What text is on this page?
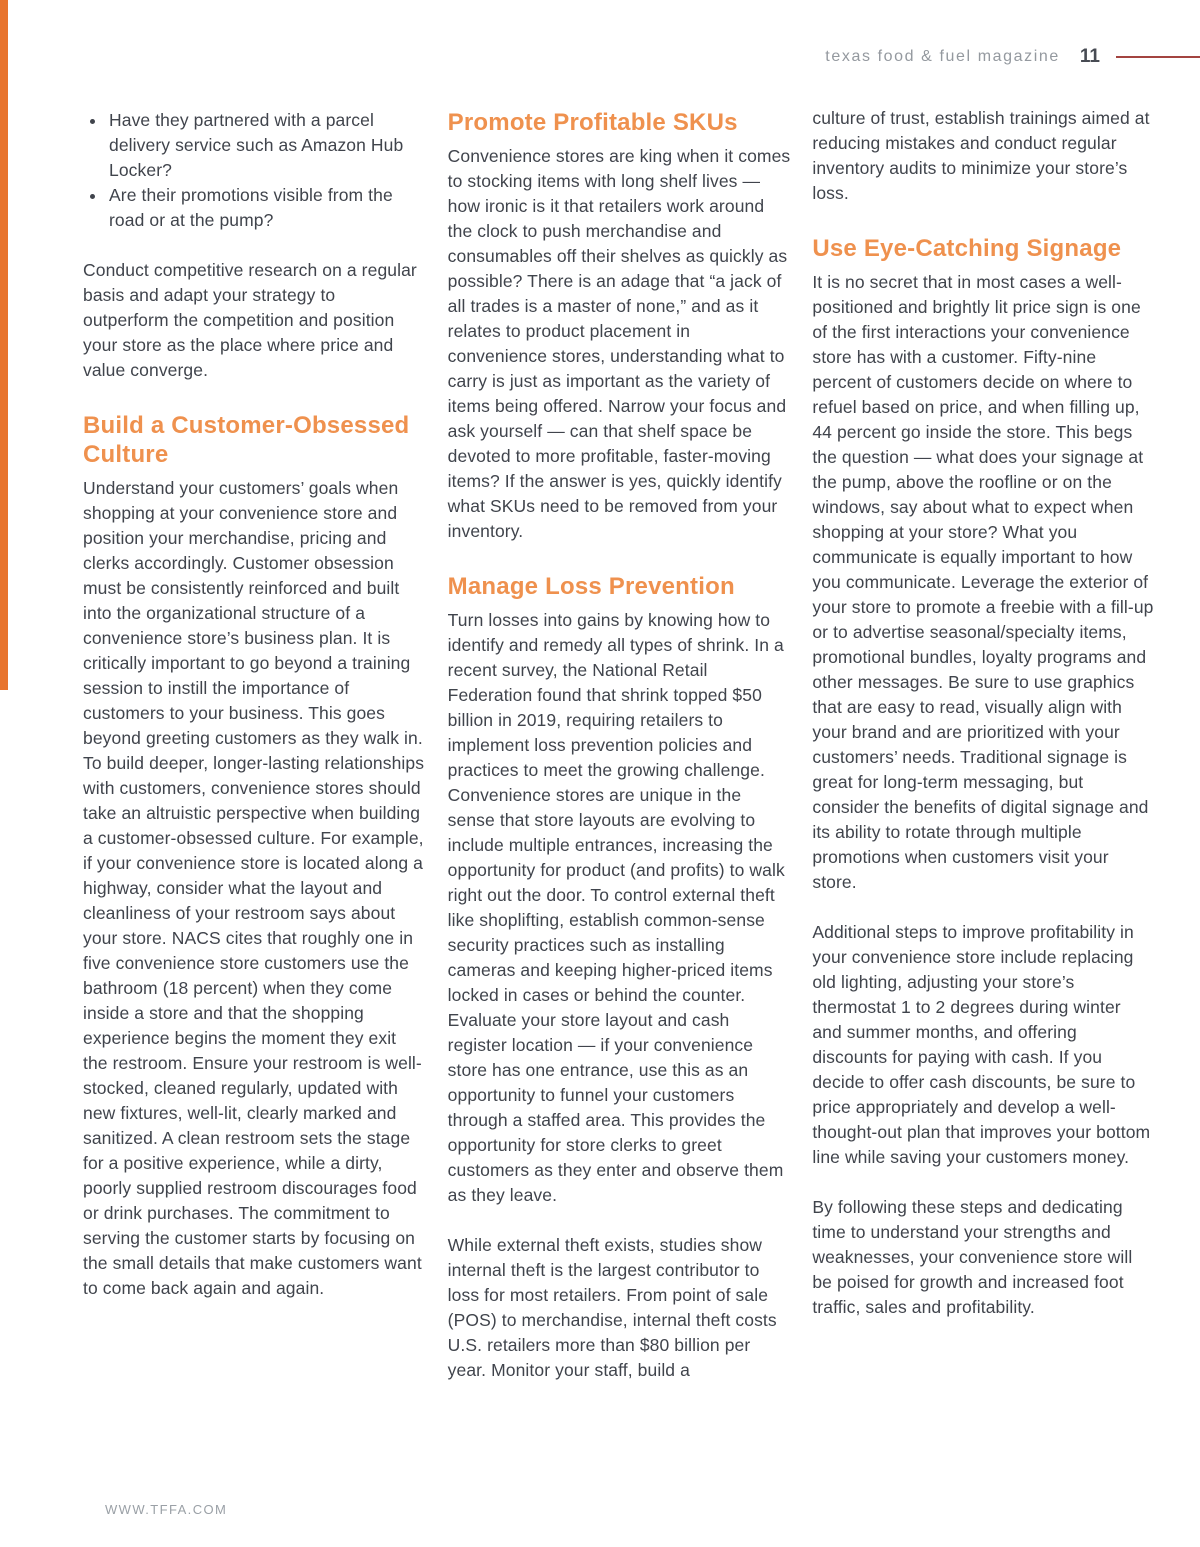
texas food & fuel magazine 11
• Have they partnered with a parcel delivery service such as Amazon Hub Locker?
• Are their promotions visible from the road or at the pump?

Conduct competitive research on a regular basis and adapt your strategy to outperform the competition and position your store as the place where price and value converge.

Build a Customer-Obsessed Culture

Understand your customers’ goals when shopping at your convenience store and position your merchandise, pricing and clerks accordingly. Customer obsession must be consistently reinforced and built into the organizational structure of a convenience store’s business plan. It is critically important to go beyond a training session to instill the importance of customers to your business. This goes beyond greeting customers as they walk in. To build deeper, longer-lasting relationships with customers, convenience stores should take an altruistic perspective when building a customer-obsessed culture. For example, if your convenience store is located along a highway, consider what the layout and cleanliness of your restroom says about your store. NACS cites that roughly one in five convenience store customers use the bathroom (18 percent) when they come inside a store and that the shopping experience begins the moment they exit the restroom. Ensure your restroom is well-stocked, cleaned regularly, updated with new fixtures, well-lit, clearly marked and sanitized. A clean restroom sets the stage for a positive experience, while a dirty, poorly supplied restroom discourages food or drink purchases. The commitment to serving the customer starts by focusing on the small details that make customers want to come back again and again.

Promote Profitable SKUs

Convenience stores are king when it comes to stocking items with long shelf lives — how ironic is it that retailers work around the clock to push merchandise and consumables off their shelves as quickly as possible? There is an adage that “a jack of all trades is a master of none,” and as it relates to product placement in convenience stores, understanding what to carry is just as important as the variety of items being offered. Narrow your focus and ask yourself — can that shelf space be devoted to more profitable, faster-moving items? If the answer is yes, quickly identify what SKUs need to be removed from your inventory.

Manage Loss Prevention

Turn losses into gains by knowing how to identify and remedy all types of shrink. In a recent survey, the National Retail Federation found that shrink topped $50 billion in 2019, requiring retailers to implement loss prevention policies and practices to meet the growing challenge. Convenience stores are unique in the sense that store layouts are evolving to include multiple entrances, increasing the opportunity for product (and profits) to walk right out the door. To control external theft like shoplifting, establish common-sense security practices such as installing cameras and keeping higher-priced items locked in cases or behind the counter. Evaluate your store layout and cash register location — if your convenience store has one entrance, use this as an opportunity to funnel your customers through a staffed area. This provides the opportunity for store clerks to greet customers as they enter and observe them as they leave.

While external theft exists, studies show internal theft is the largest contributor to loss for most retailers. From point of sale (POS) to merchandise, internal theft costs U.S. retailers more than $80 billion per year. Monitor your staff, build a

culture of trust, establish trainings aimed at reducing mistakes and conduct regular inventory audits to minimize your store’s loss.

Use Eye-Catching Signage

It is no secret that in most cases a well-positioned and brightly lit price sign is one of the first interactions your convenience store has with a customer. Fifty-nine percent of customers decide on where to refuel based on price, and when filling up, 44 percent go inside the store. This begs the question — what does your signage at the pump, above the roofline or on the windows, say about what to expect when shopping at your store? What you communicate is equally important to how you communicate. Leverage the exterior of your store to promote a freebie with a fill-up or to advertise seasonal/specialty items, promotional bundles, loyalty programs and other messages. Be sure to use graphics that are easy to read, visually align with your brand and are prioritized with your customers’ needs. Traditional signage is great for long-term messaging, but consider the benefits of digital signage and its ability to rotate through multiple promotions when customers visit your store.

Additional steps to improve profitability in your convenience store include replacing old lighting, adjusting your store’s thermostat 1 to 2 degrees during winter and summer months, and offering discounts for paying with cash. If you decide to offer cash discounts, be sure to price appropriately and develop a well-thought-out plan that improves your bottom line while saving your customers money.

By following these steps and dedicating time to understand your strengths and weaknesses, your convenience store will be poised for growth and increased foot traffic, sales and profitability.

WWW.TFFA.COM
